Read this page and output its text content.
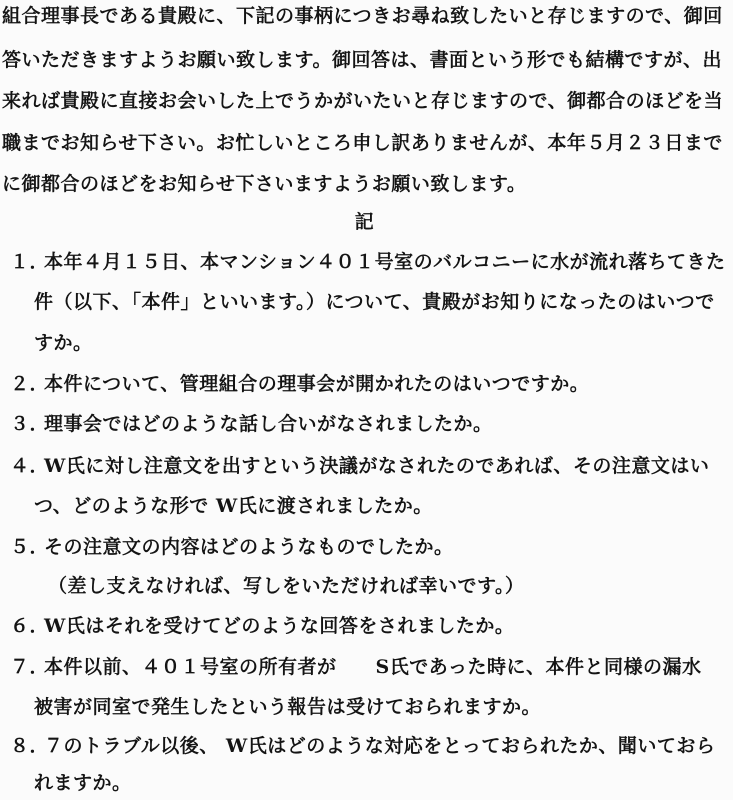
組合理事長である貴殿に、下記の事柄につきお尋ね致したいと存じますので、御回
答いただきますようお願い致します。御回答は、書面という形でも結構ですが、出
来れば貴殿に直接お会いした上でうかがいたいと存じますので、御都合のほどを当
職までお知らせ下さい。お忙しいところ申し訳ありませんが、本年５月２３日まで
に御都合のほどをお知らせ下さいますようお願い致します。
記
１．本年４月１５日、本マンション４０１号室のバルコニーに水が流れ落ちてきた
件（以下、「本件」といいます。）について、貴殿がお知りになったのはいつで
すか。
２．本件について、管理組合の理事会が開かれたのはいつですか。
３．理事会ではどのような話し合いがなされましたか。
４．W氏に対し注意文を出すという決議がなされたのであれば、その注意文はい
つ、どのような形で W氏に渡されましたか。
５．その注意文の内容はどのようなものでしたか。
（差し支えなければ、写しをいただければ幸いです。）
６．W氏はそれを受けてどのような回答をされましたか。
７．本件以前、４０１号室の所有者が　　S氏であった時に、本件と同様の漏水
被害が同室で発生したという報告は受けておられますか。
８．７のトラブル以後、 W氏はどのような対応をとっておられたか、聞いておら
れますか。
